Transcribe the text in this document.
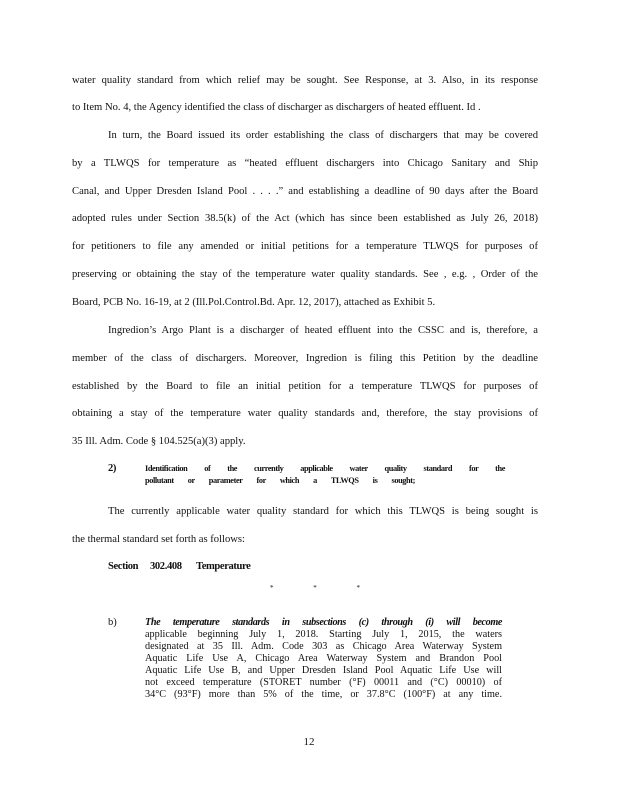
water quality standard from which relief may be sought. See Response, at 3. Also, in its response
to Item No. 4, the Agency identified the class of discharger as dischargers of heated effluent. Id .
In turn, the Board issued its order establishing the class of dischargers that may be covered
by a TLWQS for temperature as “heated effluent dischargers into Chicago Sanitary and Ship
Canal, and Upper Dresden Island Pool . . . .” and establishing a deadline of 90 days after the Board
adopted rules under Section 38.5(k) of the Act (which has since been established as July 26, 2018)
for petitioners to file any amended or initial petitions for a temperature TLWQS for purposes of
preserving or obtaining the stay of the temperature water quality standards. See , e.g. , Order of the
Board, PCB No. 16-19, at 2 (Ill.Pol.Control.Bd. Apr. 12, 2017), attached as Exhibit 5.
Ingredion’s Argo Plant is a discharger of heated effluent into the CSSC and is, therefore, a
member of the class of dischargers. Moreover, Ingredion is filing this Petition by the deadline
established by the Board to file an initial petition for a temperature TLWQS for purposes of
obtaining a stay of the temperature water quality standards and, therefore, the stay provisions of
35 Ill. Adm. Code § 104.525(a)(3) apply.
2)	Identification of the currently applicable water quality standard for the
pollutant or parameter for which a TLWQS is sought;
The currently applicable water quality standard for which this TLWQS is being sought is
the thermal standard set forth as follows:
Section 302.408 Temperature
*	*	*
b)	The temperature standards in subsections (c) through (i) will become
applicable beginning July 1, 2018. Starting July 1, 2015, the waters
designated at 35 Ill. Adm. Code 303 as Chicago Area Waterway System
Aquatic Life Use A, Chicago Area Waterway System and Brandon Pool
Aquatic Life Use B, and Upper Dresden Island Pool Aquatic Life Use will
not exceed temperature (STORET number (°F) 00011 and (°C) 00010) of
34°C (93°F) more than 5% of the time, or 37.8°C (100°F) at any time.
12
